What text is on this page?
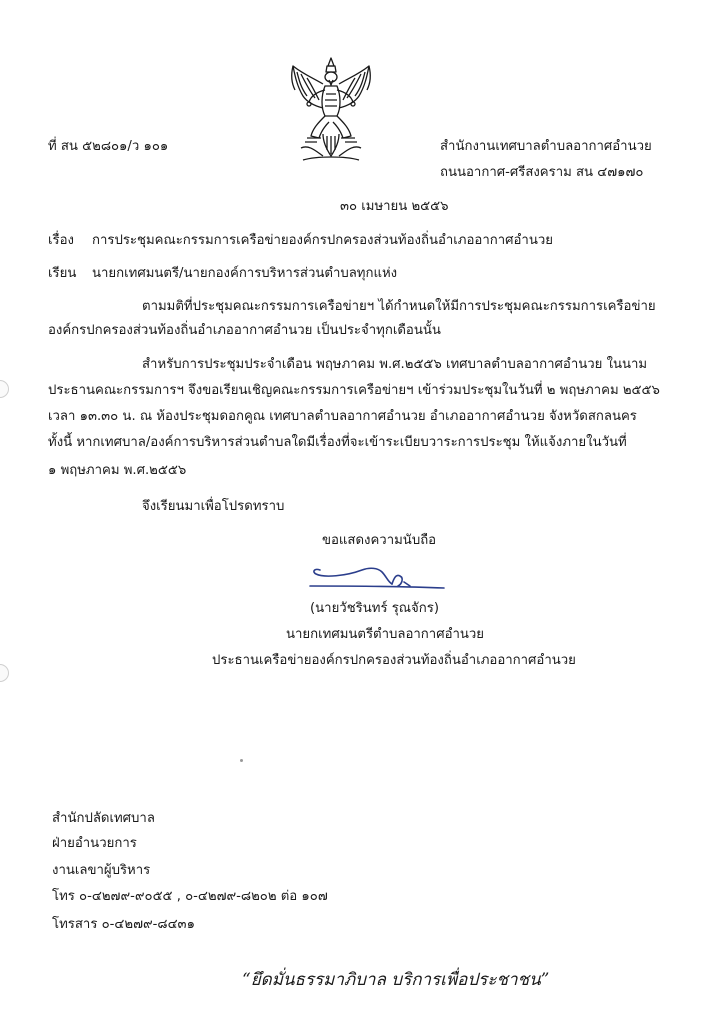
ที่ สน ๕๒๘๐๑/ว ๑๐๑	สำนักงานเทศบาลตำบลอากาศอำนวย
ถนนอากาศ-ศรีสงคราม สน ๔๗๑๗๐
๓๐ เมษายน ๒๕๕๖
เรื่อง การประชุมคณะกรรมการเครือข่ายองค์กรปกครองส่วนท้องถิ่นอำเภออากาศอำนวย
เรียน นายกเทศมนตรี/นายกองค์การบริหารส่วนตำบลทุกแห่ง
ตามมติที่ประชุมคณะกรรมการเครือข่ายฯ ได้กำหนดให้มีการประชุมคณะกรรมการเครือข่าย
องค์กรปกครองส่วนท้องถิ่นอำเภออากาศอำนวย เป็นประจำทุกเดือนนั้น
สำหรับการประชุมประจำเดือน พฤษภาคม พ.ศ.๒๕๕๖ เทศบาลตำบลอากาศอำนวย ในนาม
ประธานคณะกรรมการฯ จึงขอเรียนเชิญคณะกรรมการเครือข่ายฯ เข้าร่วมประชุมในวันที่ ๒ พฤษภาคม ๒๕๕๖
เวลา ๑๓.๓๐ น. ณ ห้องประชุมดอกคูณ เทศบาลตำบลอากาศอำนวย อำเภออากาศอำนวย จังหวัดสกลนคร
ทั้งนี้ หากเทศบาล/องค์การบริหารส่วนตำบลใดมีเรื่องที่จะเข้าระเบียบวาระการประชุม ให้แจ้งภายในวันที่
๑ พฤษภาคม พ.ศ.๒๕๕๖
จึงเรียนมาเพื่อโปรดทราบ
ขอแสดงความนับถือ
(นายวัชรินทร์ รุณจักร)
นายกเทศมนตรีตำบลอากาศอำนวย
ประธานเครือข่ายองค์กรปกครองส่วนท้องถิ่นอำเภออากาศอำนวย
สำนักปลัดเทศบาล
ฝ่ายอำนวยการ
งานเลขาผู้บริหาร
โทร ๐-๔๒๗๙-๙๐๕๕ , ๐-๔๒๗๙-๘๒๐๒ ต่อ ๑๐๗
โทรสาร ๐-๔๒๗๙-๘๔๓๑
“ยึดมั่นธรรมาภิบาล บริการเพื่อประชาชน”
